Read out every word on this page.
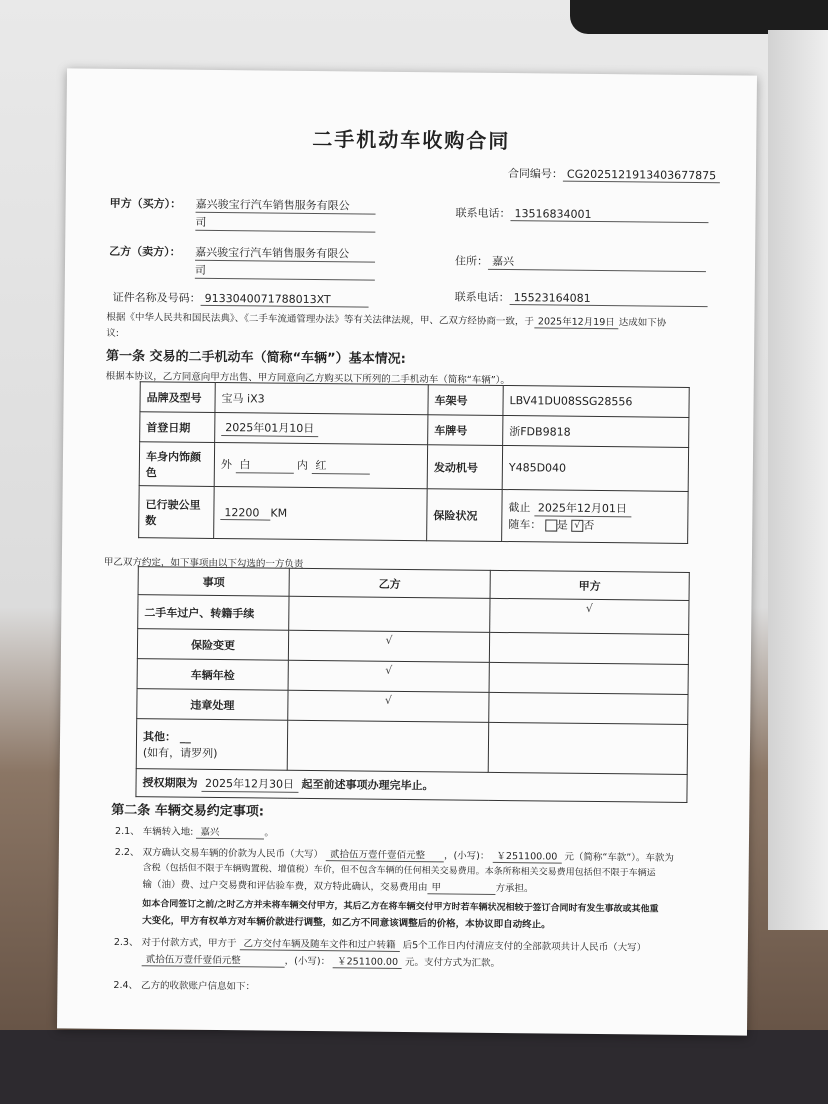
二手机动车收购合同
合同编号： CG2025121913403677875
甲方（买方）： 嘉兴骏宝行汽车销售服务有限公
司
联系电话： 13516834001
乙方（卖方）： 嘉兴骏宝行汽车销售服务有限公
司
住所： 嘉兴
证件名称及号码： 9133040071788013XT	联系电话： 15523164081
根据《中华人民共和国民法典》、《二手车流通管理办法》等有关法律法规，甲、乙双方经协商一致，于 2025年12月19日 达成如下协
议:
第一条 交易的二手机动车（简称“车辆”）基本情况:
根据本协议，乙方同意向甲方出售、甲方同意向乙方购买以下所列的二手机动车（简称“车辆”）。
品牌及型号	宝马 iX3	车架号	LBV41DU08SSG28556
首登日期	2025年01月10日	车牌号	浙FDB9818
车身内饰颜
色	外 白 内 红	发动机号	Y485D040
已行驶公里
数	12200 KM	保险状况	截止 2025年12月01日
随车： 是 √ 否
甲乙双方约定，如下事项由以下勾选的一方负责
事项	乙方	甲方
二手车过户、转籍手续		√
保险变更	√	
车辆年检	√	
违章处理	√	
其他： __
(如有，请罗列)		
授权期限为 2025年12月30日 起至前述事项办理完毕止。		
第二条 车辆交易约定事项:
2.1、 车辆转入地: 嘉兴	。
2.2、 双方确认交易车辆的价款为人民币（大写） 贰拾伍万壹仟壹佰元整 ，(小写)： ￥251100.00 元（简称“车款”）。车款为
含税（包括但不限于车辆购置税、增值税）车价，但不包含车辆的任何相关交易费用。本条所称相关交易费用包括但不限于车辆运
输（油）费、过户交易费和评估验车费，双方特此确认，交易费用由 甲	方承担。
如本合同签订之前/之时乙方并未将车辆交付甲方，其后乙方在将车辆交付甲方时若车辆状况相较于签订合同时有发生事故或其他重
大变化，甲方有权单方对车辆价款进行调整，如乙方不同意该调整后的价格，本协议即自动终止。
2.3、 对于付款方式，甲方于 乙方交付车辆及随车文件和过户转籍 后5个工作日内付清应支付的全部款项共计人民币（大写）
贰拾伍万壹仟壹佰元整	，(小写)： ￥251100.00 元。支付方式为汇款。
2.4、 乙方的收款账户信息如下：
